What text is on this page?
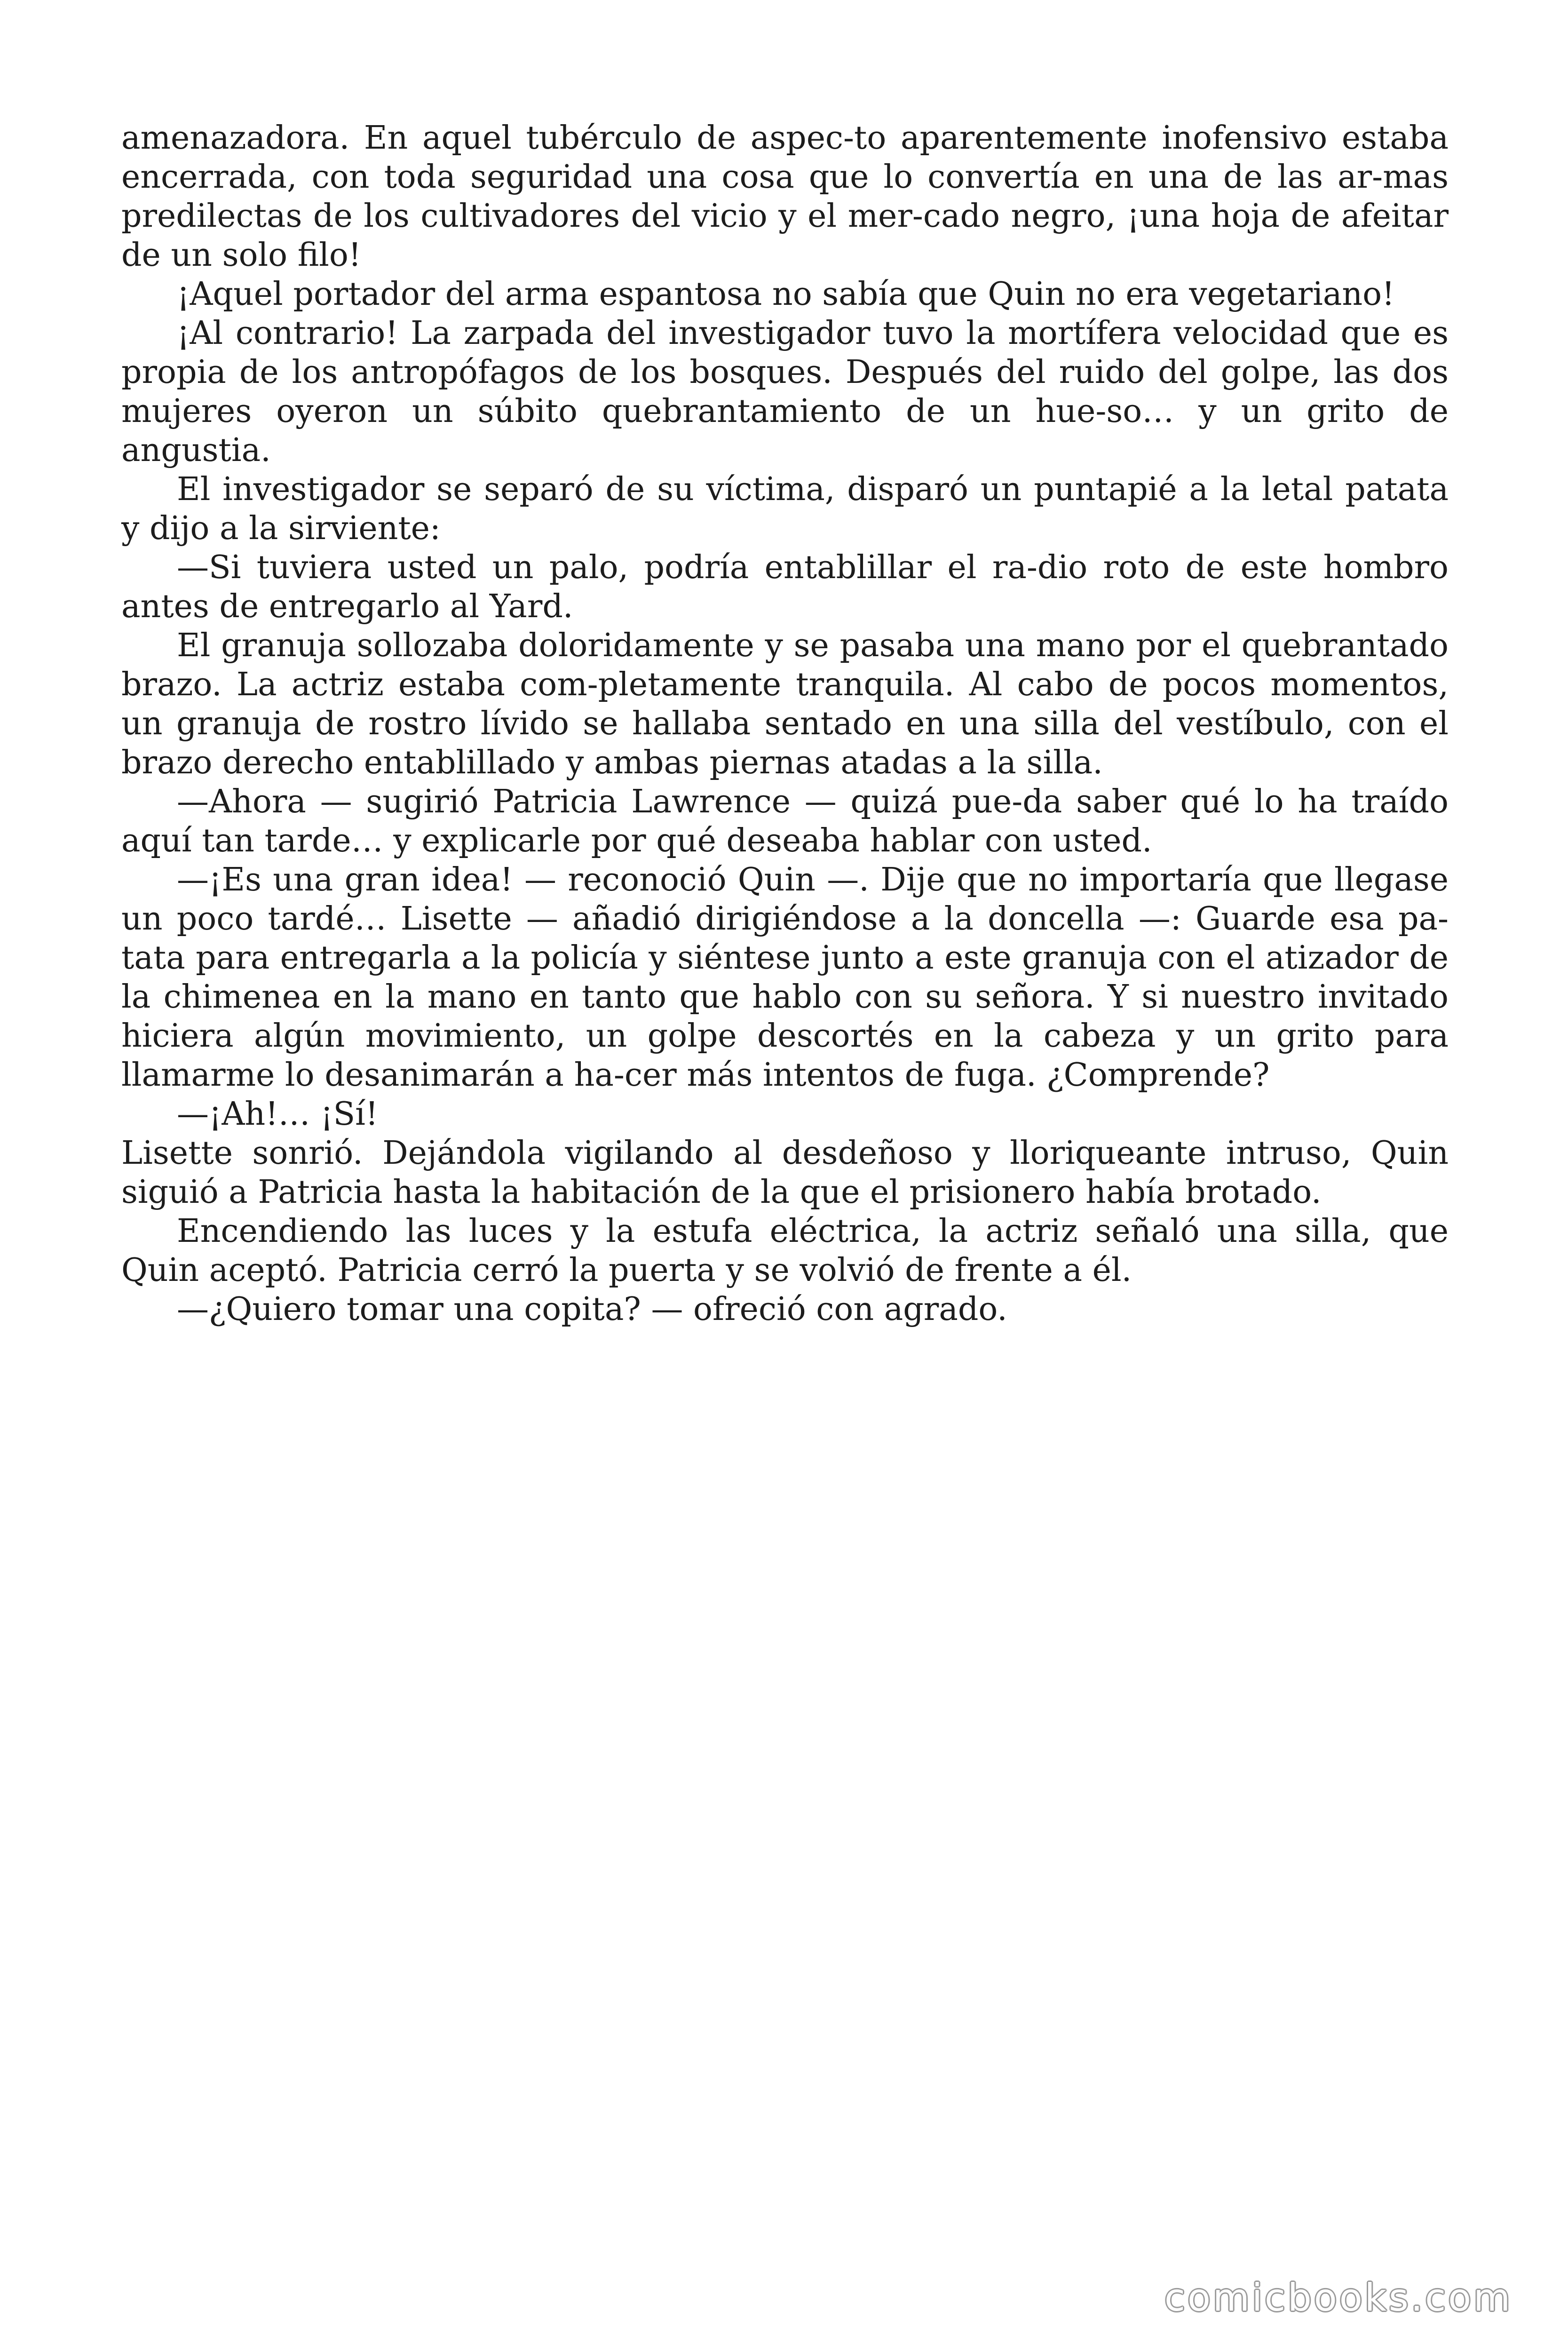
amenazadora. En aquel tubérculo de aspec-to aparentemente inofensivo estaba encerrada, con toda seguridad una cosa que lo convertía en una de las ar-mas predilectas de los cultivadores del vicio y el mer-cado negro, ¡una hoja de afeitar de un solo filo!

¡Aquel portador del arma espantosa no sabía que Quin no era vegetariano!

¡Al contrario! La zarpada del investigador tuvo la mortífera velocidad que es propia de los antropófagos de los bosques. Después del ruido del golpe, las dos mujeres oyeron un súbito quebrantamiento de un hue-so… y un grito de angustia.

El investigador se separó de su víctima, disparó un puntapié a la letal patata y dijo a la sirviente:

—Si tuviera usted un palo, podría entablillar el ra-dio roto de este hombro antes de entregarlo al Yard.

El granuja sollozaba doloridamente y se pasaba una mano por el quebrantado brazo. La actriz estaba com-pletamente tranquila. Al cabo de pocos momentos, un granuja de rostro lívido se hallaba sentado en una silla del vestíbulo, con el brazo derecho entablillado y ambas piernas atadas a la silla.

—Ahora — sugirió Patricia Lawrence — quizá pue-da saber qué lo ha traído aquí tan tarde… y explicarle por qué deseaba hablar con usted.

—¡Es una gran idea! — reconoció Quin —. Dije que no importaría que llegase un poco tardé… Lisette — añadió dirigiéndose a la doncella —: Guarde esa pa-tata para entregarla a la policía y siéntese junto a este granuja con el atizador de la chimenea en la mano en tanto que hablo con su señora. Y si nuestro invitado hiciera algún movimiento, un golpe descortés en la cabeza y un grito para llamarme lo desanimarán a ha-cer más intentos de fuga. ¿Comprende?

—¡Ah!… ¡Sí!

Lisette sonrió. Dejándola vigilando al desdeñoso y lloriqueante intruso, Quin siguió a Patricia hasta la habitación de la que el prisionero había brotado.

Encendiendo las luces y la estufa eléctrica, la actriz señaló una silla, que Quin aceptó. Patricia cerró la puerta y se volvió de frente a él.

—¿Quiero tomar una copita? — ofreció con agrado.

comicbooks.com
